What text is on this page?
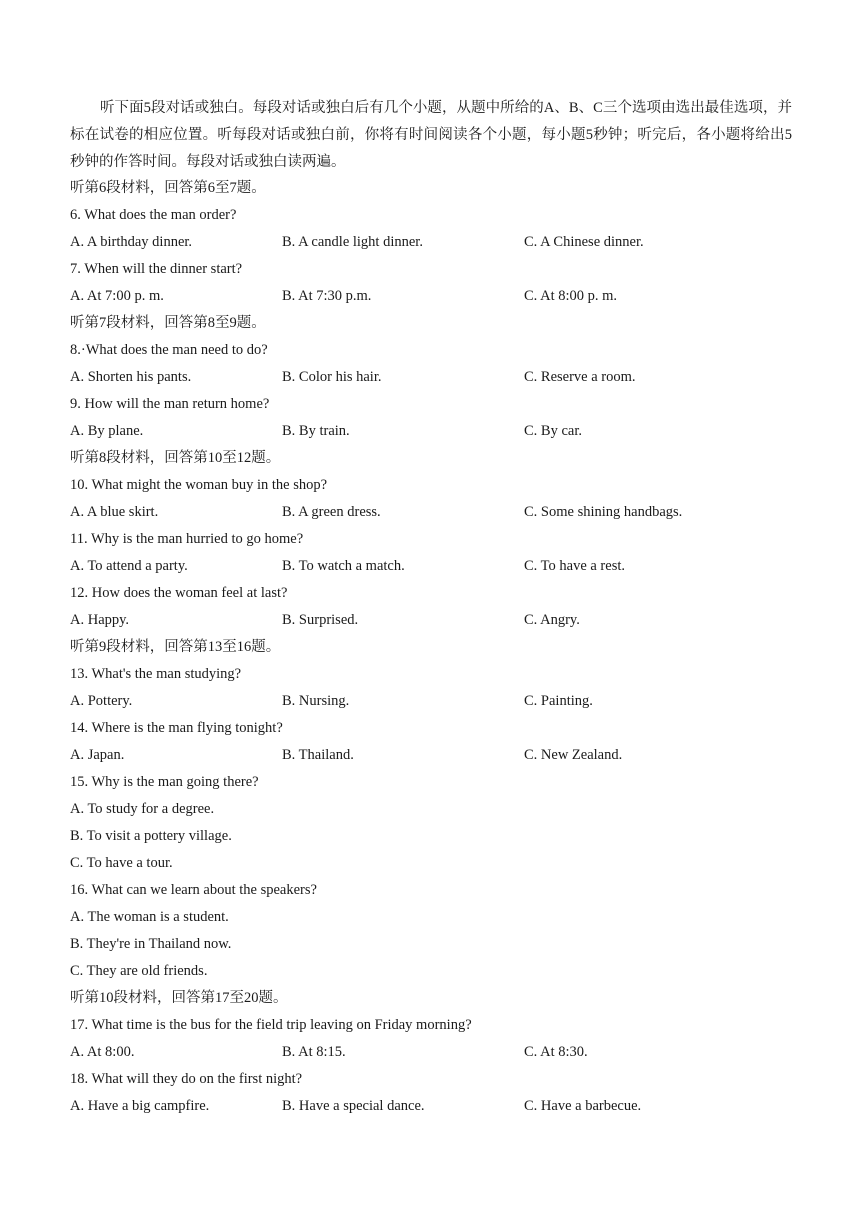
听下面5段对话或独白。每段对话或独白后有几个小题，从题中所给的A、B、C三个选项由选出最佳选项，并标在试卷的相应位置。听每段对话或独白前，你将有时间阅读各个小题，每小题5秒钟；听完后，各小题将给出5秒钟的作答时间。每段对话或独白读两遍。

听第6段材料，回答第6至7题。
6. What does the man order?
A. A birthday dinner.	B. A candle light dinner.	C. A Chinese dinner.
7. When will the dinner start?
A. At 7:00 p. m.	B. At 7:30 p.m.	C. At 8:00 p. m.
听第7段材料，回答第8至9题。
8.·What does the man need to do?
A. Shorten his pants.	B. Color his hair.	C. Reserve a room.
9. How will the man return home?
A. By plane.	B. By train.	C. By car.
听第8段材料，回答第10至12题。
10. What might the woman buy in the shop?
A. A blue skirt.	B. A green dress.	C. Some shining handbags.
11. Why is the man hurried to go home?
A. To attend a party.	B. To watch a match.	C. To have a rest.
12. How does the woman feel at last?
A. Happy.	B. Surprised.	C. Angry.
听第9段材料，回答第13至16题。
13. What's the man studying?
A. Pottery.	B. Nursing.	C. Painting.
14. Where is the man flying tonight?
A. Japan.	B. Thailand.	C. New Zealand.
15. Why is the man going there?
A. To study for a degree.
B. To visit a pottery village.
C. To have a tour.
16. What can we learn about the speakers?
A. The woman is a student.
B. They're in Thailand now.
C. They are old friends.
听第10段材料，回答第17至20题。
17. What time is the bus for the field trip leaving on Friday morning?
A. At 8:00.	B. At 8:15.	C. At 8:30.
18. What will they do on the first night?
A. Have a big campfire.	B. Have a special dance.	C. Have a barbecue.
